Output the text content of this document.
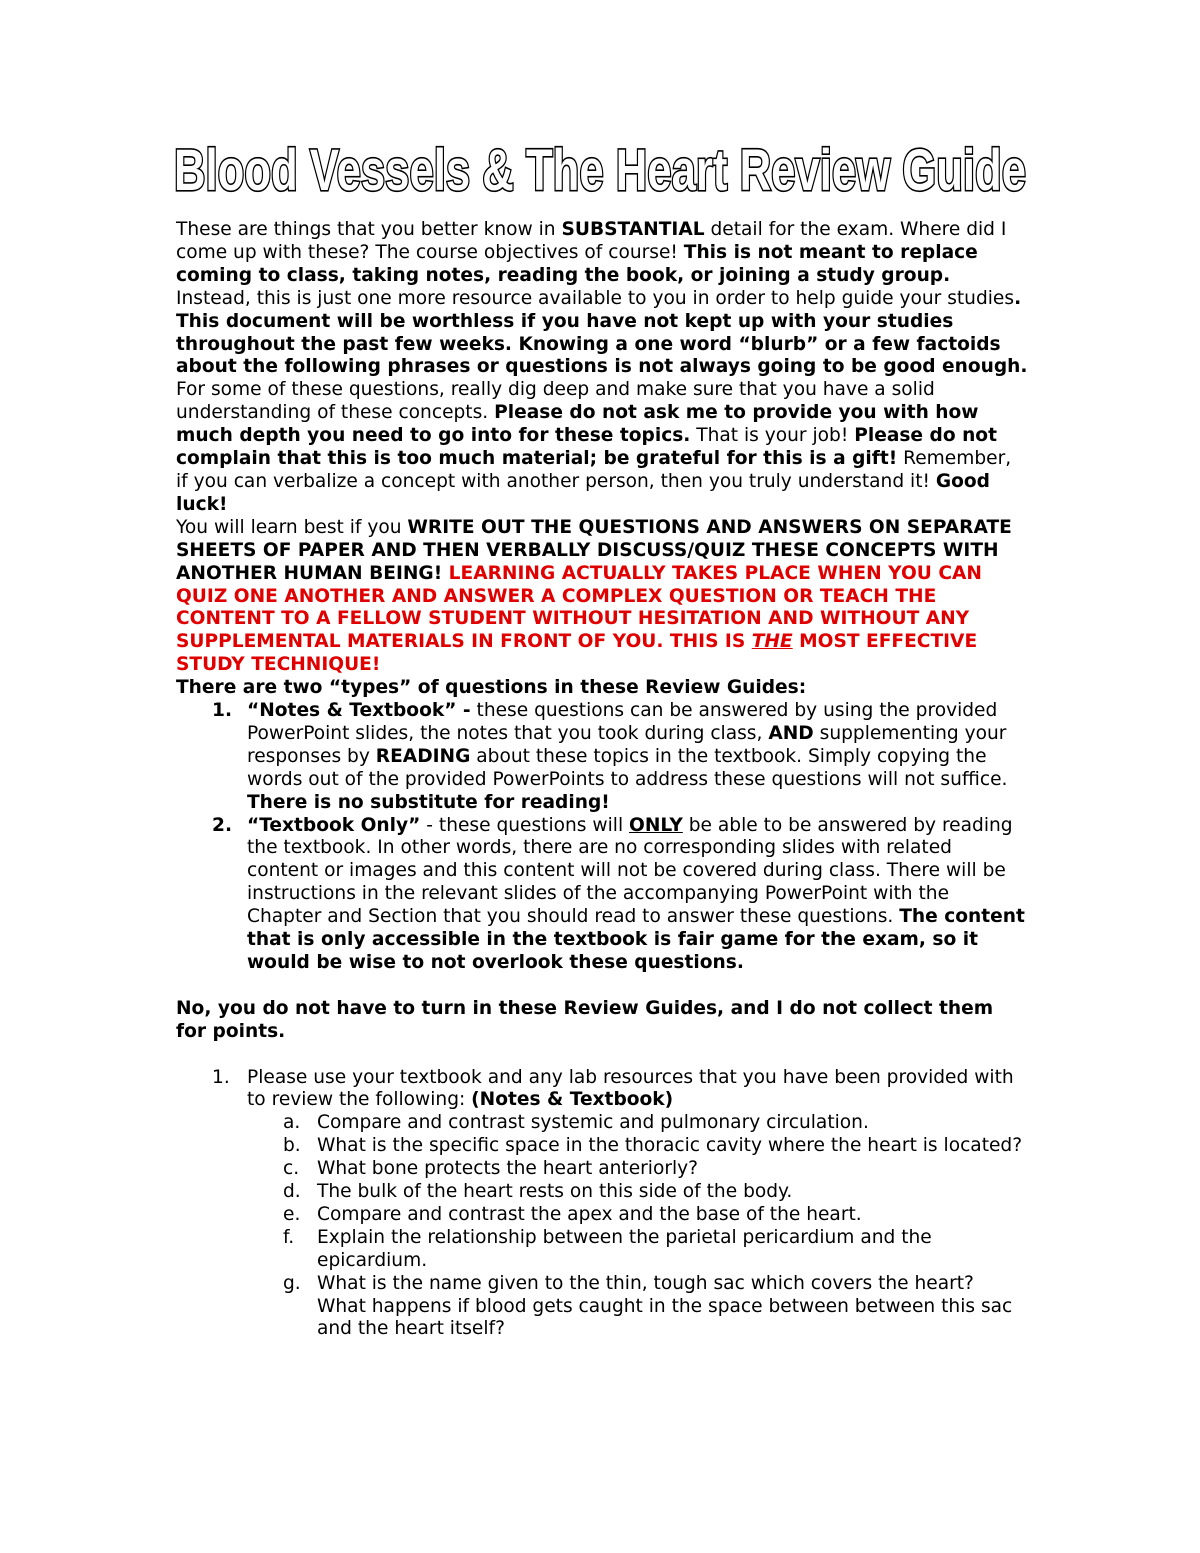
Blood Vessels & The Heart Review Guide

These are things that you better know in SUBSTANTIAL detail for the exam. Where did I come up with these? The course objectives of course! This is not meant to replace coming to class, taking notes, reading the book, or joining a study group. Instead, this is just one more resource available to you in order to help guide your studies. This document will be worthless if you have not kept up with your studies throughout the past few weeks. Knowing a one word “blurb” or a few factoids about the following phrases or questions is not always going to be good enough. For some of these questions, really dig deep and make sure that you have a solid understanding of these concepts. Please do not ask me to provide you with how much depth you need to go into for these topics. That is your job! Please do not complain that this is too much material; be grateful for this is a gift! Remember, if you can verbalize a concept with another person, then you truly understand it! Good luck!

You will learn best if you WRITE OUT THE QUESTIONS AND ANSWERS ON SEPARATE SHEETS OF PAPER AND THEN VERBALLY DISCUSS/QUIZ THESE CONCEPTS WITH ANOTHER HUMAN BEING! LEARNING ACTUALLY TAKES PLACE WHEN YOU CAN QUIZ ONE ANOTHER AND ANSWER A COMPLEX QUESTION OR TEACH THE CONTENT TO A FELLOW STUDENT WITHOUT HESITATION AND WITHOUT ANY SUPPLEMENTAL MATERIALS IN FRONT OF YOU. THIS IS THE MOST EFFECTIVE STUDY TECHNIQUE!

There are two “types” of questions in these Review Guides:

1. “Notes & Textbook” - these questions can be answered by using the provided PowerPoint slides, the notes that you took during class, AND supplementing your responses by READING about these topics in the textbook. Simply copying the words out of the provided PowerPoints to address these questions will not suffice. There is no substitute for reading!
2. “Textbook Only” - these questions will ONLY be able to be answered by reading the textbook. In other words, there are no corresponding slides with related content or images and this content will not be covered during class. There will be instructions in the relevant slides of the accompanying PowerPoint with the Chapter and Section that you should read to answer these questions. The content that is only accessible in the textbook is fair game for the exam, so it would be wise to not overlook these questions.

No, you do not have to turn in these Review Guides, and I do not collect them for points.

1. Please use your textbook and any lab resources that you have been provided with to review the following: (Notes & Textbook)
a. Compare and contrast systemic and pulmonary circulation.
b. What is the specific space in the thoracic cavity where the heart is located?
c. What bone protects the heart anteriorly?
d. The bulk of the heart rests on this side of the body.
e. Compare and contrast the apex and the base of the heart.
f. Explain the relationship between the parietal pericardium and the epicardium.
g. What is the name given to the thin, tough sac which covers the heart? What happens if blood gets caught in the space between between this sac and the heart itself?
